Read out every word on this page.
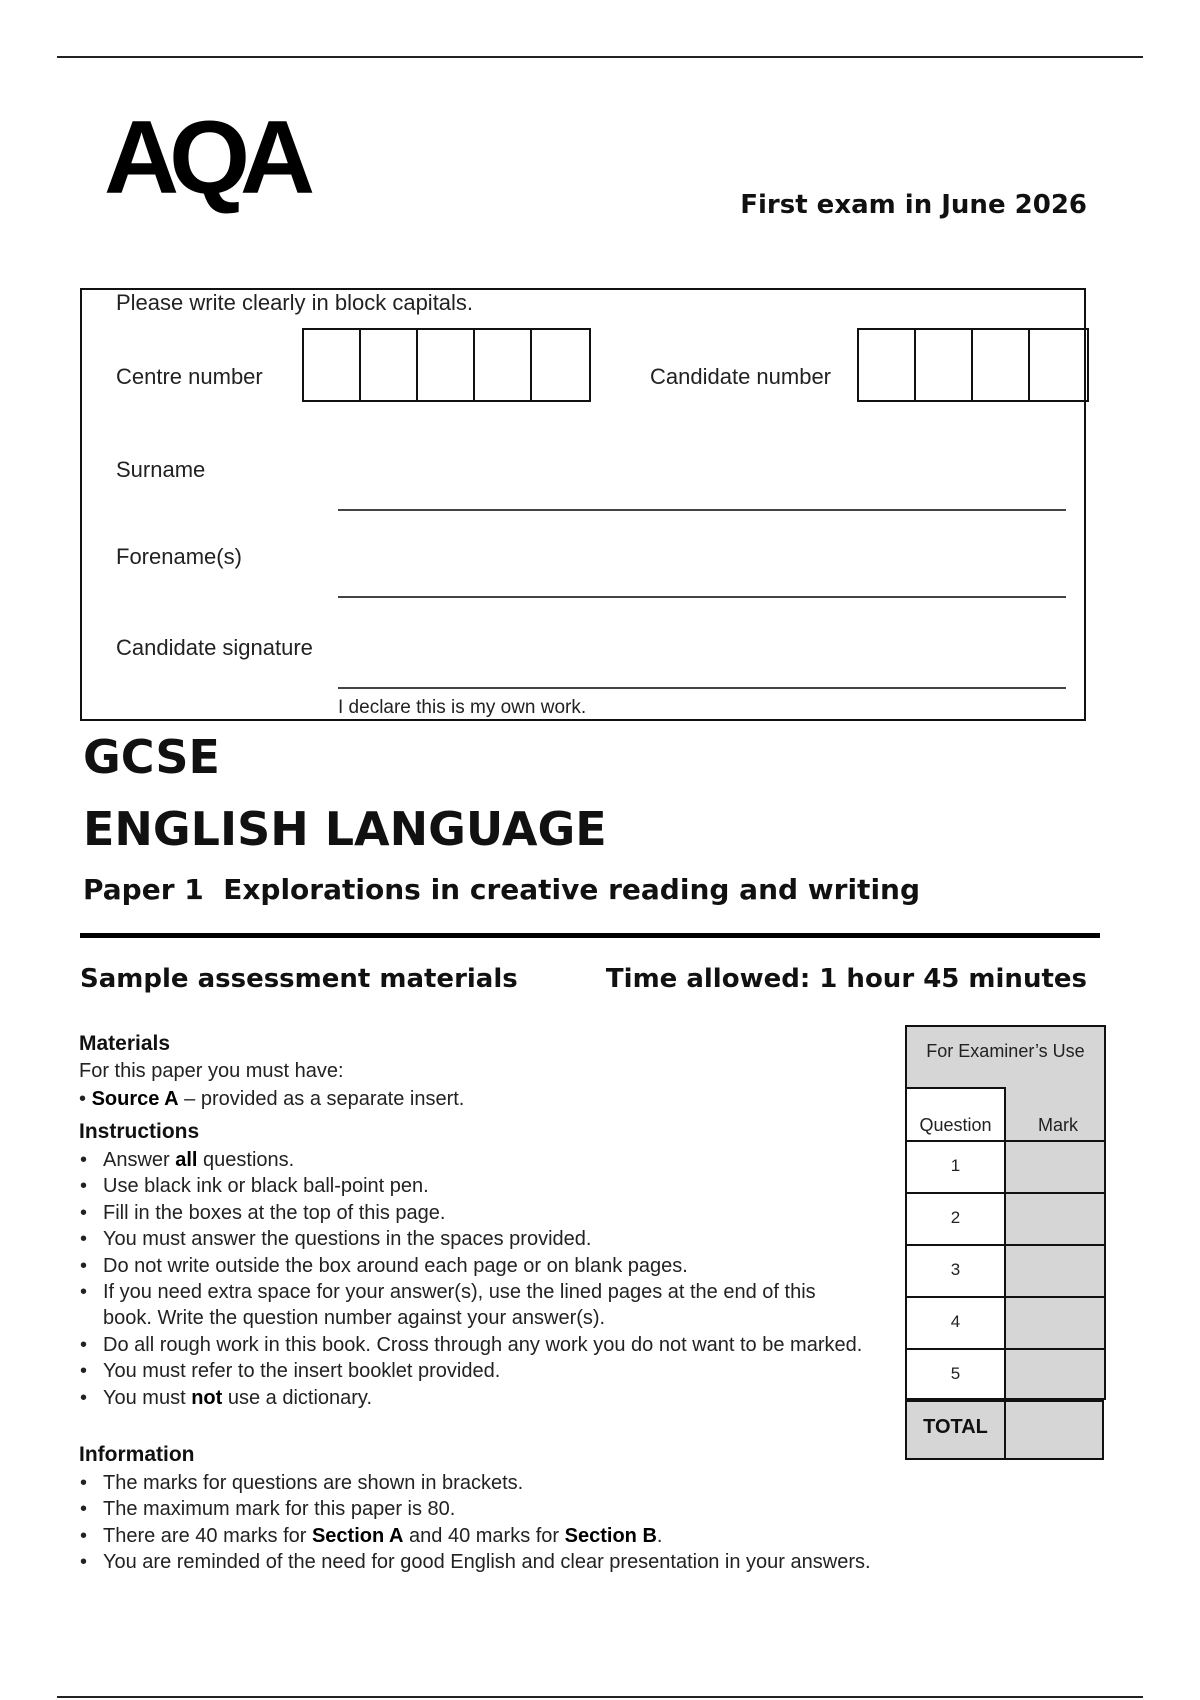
AQA	First exam in June 2026
Please write clearly in block capitals.
Centre number	Candidate number
Surname
Forename(s)
Candidate signature
I declare this is my own work.
GCSE
ENGLISH LANGUAGE
Paper 1  Explorations in creative reading and writing
Sample assessment materials	Time allowed: 1 hour 45 minutes
Materials
For this paper you must have:
• Source A – provided as a separate insert.
Instructions
• Answer all questions.
• Use black ink or black ball-point pen.
• Fill in the boxes at the top of this page.
• You must answer the questions in the spaces provided.
• Do not write outside the box around each page or on blank pages.
• If you need extra space for your answer(s), use the lined pages at the end of this book. Write the question number against your answer(s).
• Do all rough work in this book. Cross through any work you do not want to be marked.
• You must refer to the insert booklet provided.
• You must not use a dictionary.
Information
• The marks for questions are shown in brackets.
• The maximum mark for this paper is 80.
• There are 40 marks for Section A and 40 marks for Section B.
• You are reminded of the need for good English and clear presentation in your answers.
For Examiner’s Use
Question	Mark
1
2
3
4
5
TOTAL
